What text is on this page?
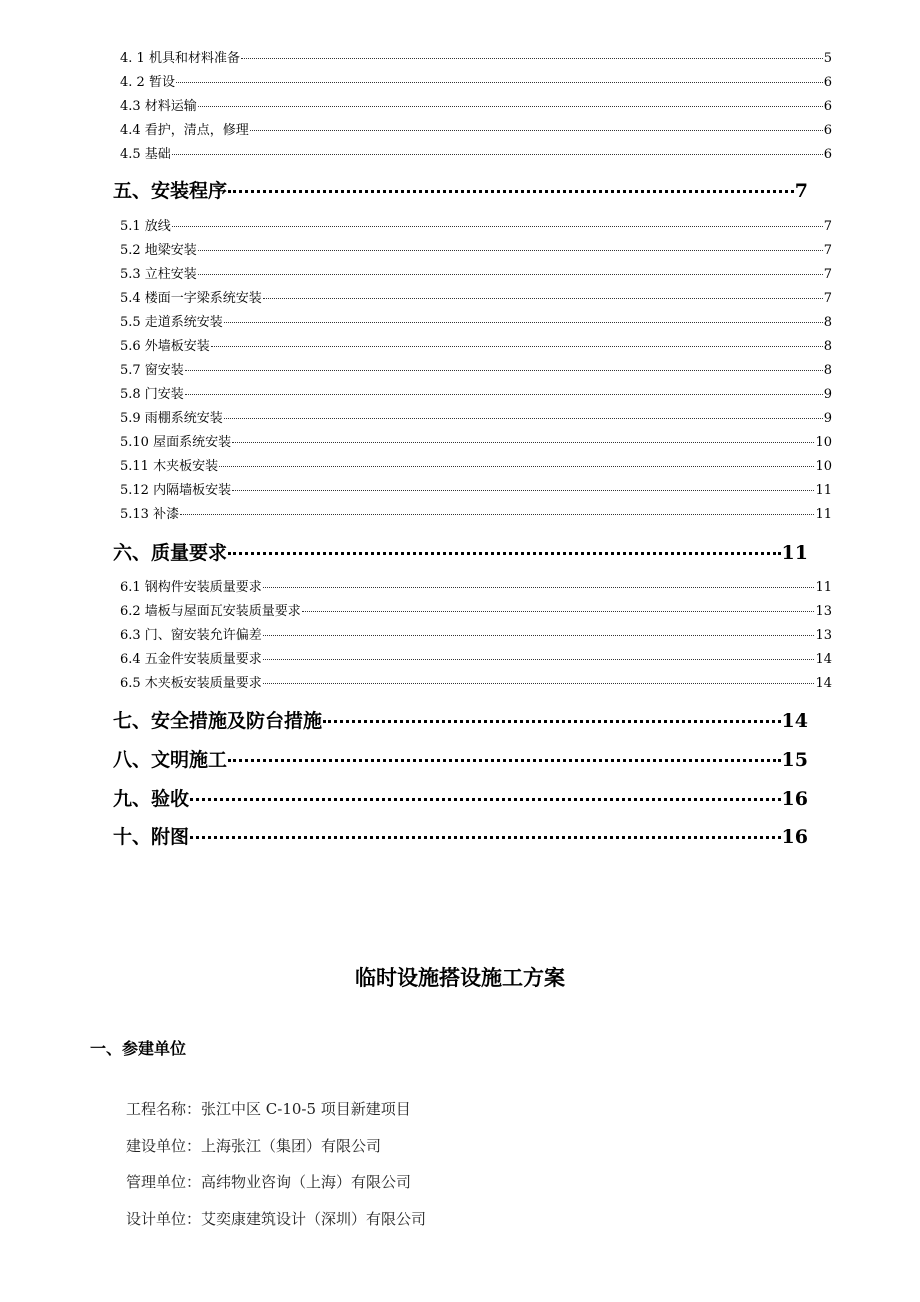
4. 1 机具和材料准备	5
4. 2 暂设	6
4.3 材料运输	6
4.4 看护，清点，修理	6
4.5 基础	6
五、安装程序	7
5.1 放线	7
5.2 地梁安装	7
5.3 立柱安装	7
5.4 楼面一字梁系统安装	7
5.5 走道系统安装	8
5.6 外墙板安装	8
5.7 窗安装	8
5.8 门安装	9
5.9 雨棚系统安装	9
5.10 屋面系统安装	10
5.11 木夹板安装	10
5.12 内隔墙板安装	11
5.13 补漆	11
六、质量要求	11
6.1 钢构件安装质量要求	11
6.2 墙板与屋面瓦安装质量要求	13
6.3 门、窗安装允许偏差	13
6.4 五金件安装质量要求	14
6.5 木夹板安装质量要求	14
七、安全措施及防台措施	14
八、文明施工	15
九、验收	16
十、附图	16
临时设施搭设施工方案
一、参建单位
工程名称：张江中区 C-10-5 项目新建项目
建设单位：上海张江（集团）有限公司
管理单位：高纬物业咨询（上海）有限公司
设计单位：艾奕康建筑设计（深圳）有限公司
